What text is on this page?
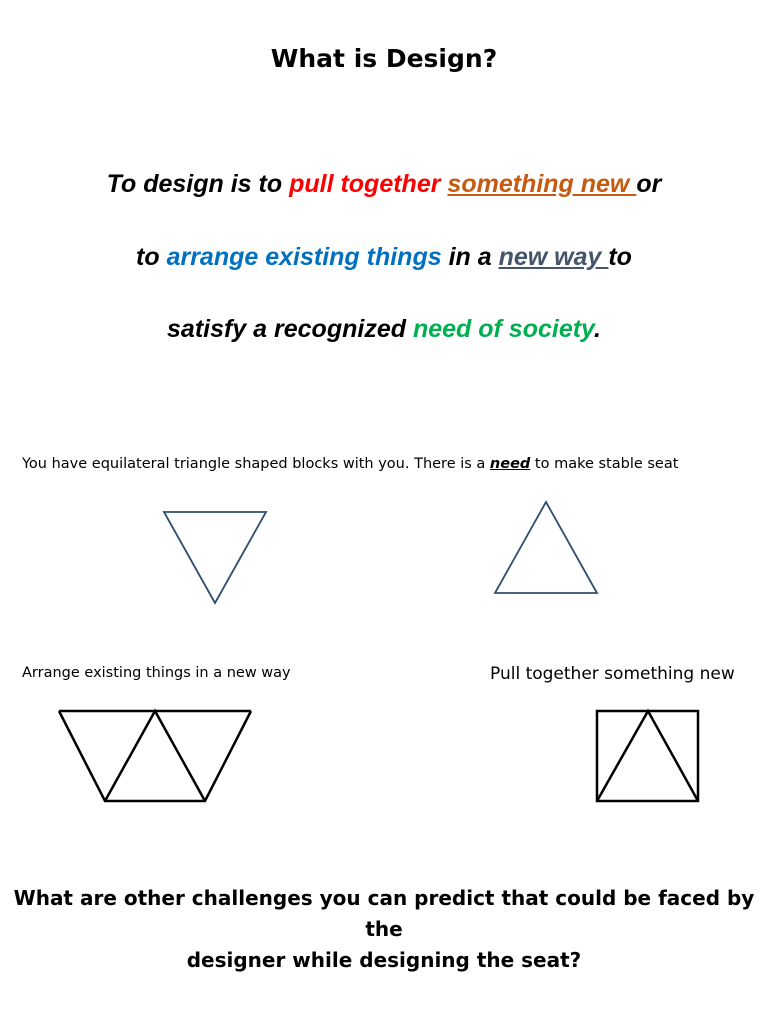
What is Design?
To design is to pull together something new or
to arrange existing things in a new way to
satisfy a recognized need of society.
You have equilateral triangle shaped blocks with you. There is a need to make stable seat
Arrange existing things in a new way	Pull together something new
What are other challenges you can predict that could be faced by the
designer while designing the seat?
